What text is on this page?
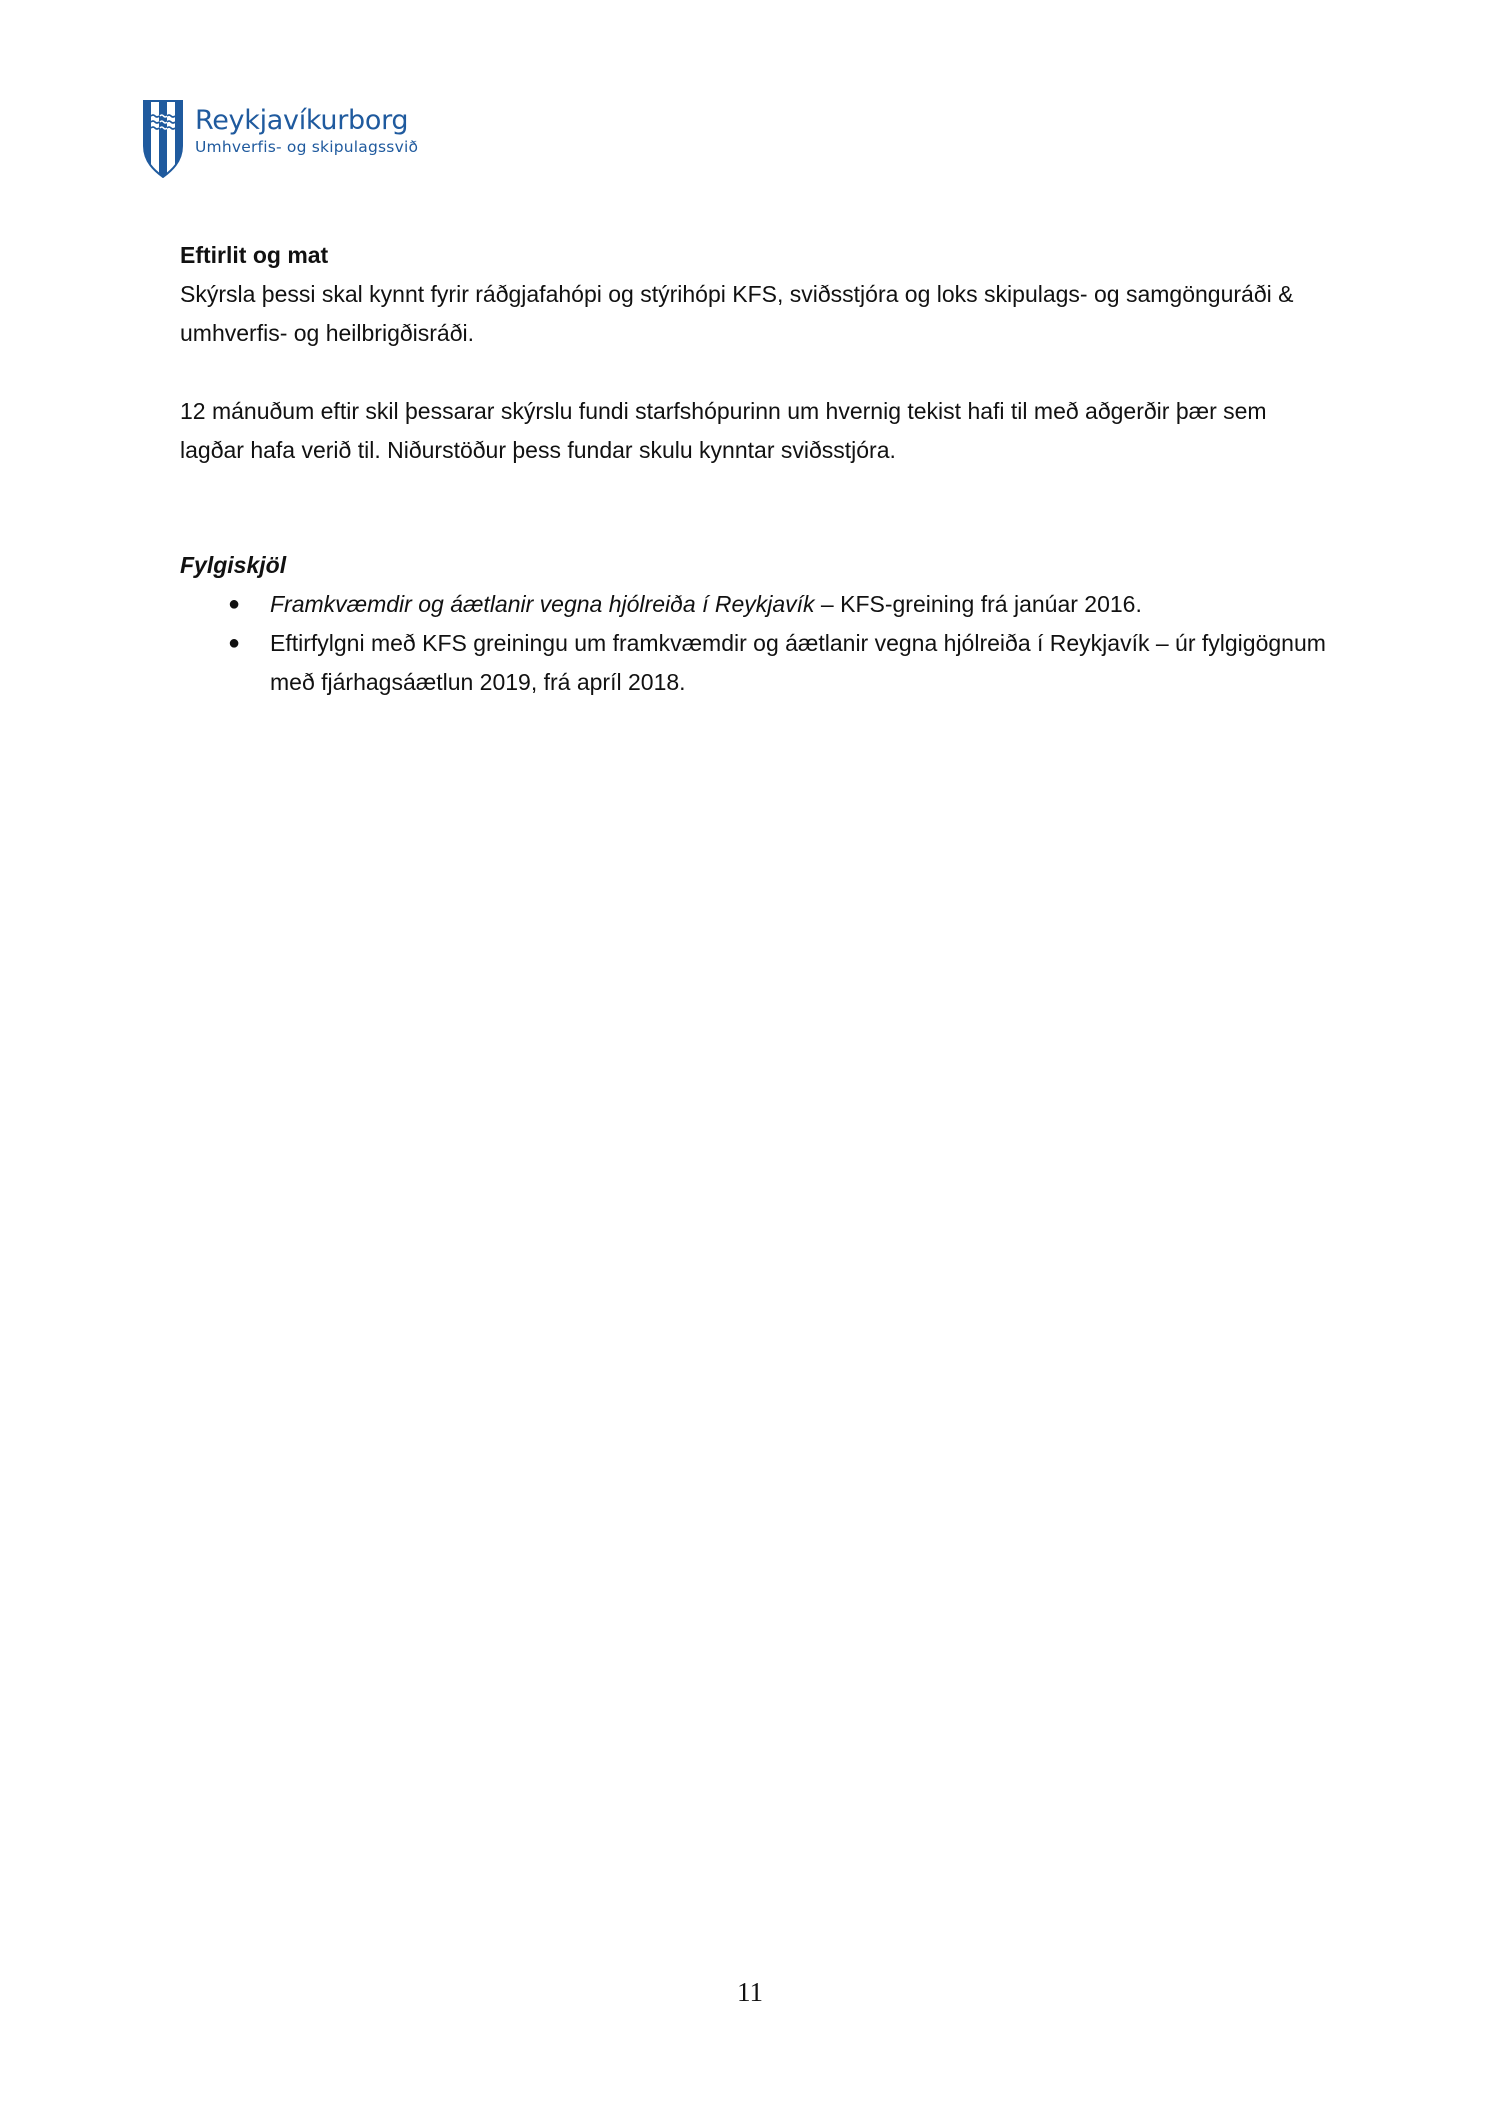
Reykjavíkurborg
Umhverfis- og skipulagssvið

Eftirlit og mat

Skýrsla þessi skal kynnt fyrir ráðgjafahópi og stýrihópi KFS, sviðsstjóra og loks skipulags- og samgönguráði & umhverfis- og heilbrigðisráði.

12 mánuðum eftir skil þessarar skýrslu fundi starfshópurinn um hvernig tekist hafi til með aðgerðir þær sem lagðar hafa verið til. Niðurstöður þess fundar skulu kynntar sviðsstjóra.

Fylgiskjöl

● Framkvæmdir og áætlanir vegna hjólreiða í Reykjavík – KFS-greining frá janúar 2016.
● Eftirfylgni með KFS greiningu um framkvæmdir og áætlanir vegna hjólreiða í Reykjavík – úr fylgigögnum með fjárhagsáætlun 2019, frá apríl 2018.
11
